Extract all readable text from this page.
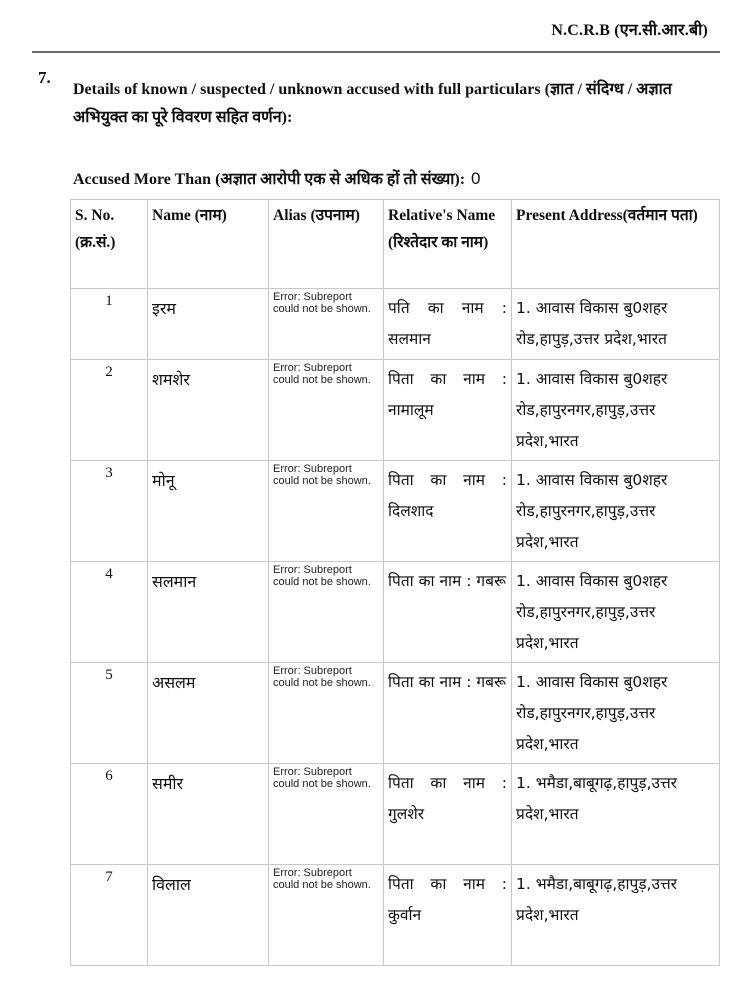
N.C.R.B (एन.सी.आर.बी)
7.
Details of known / suspected / unknown accused with full particulars (ज्ञात / संदिग्ध / अज्ञात अभियुक्त का पूरे विवरण सहित वर्णन):
Accused More Than (अज्ञात आरोपी एक से अधिक हों तो संख्या): 0
S. No. (क्र.सं.)	Name (नाम)	Alias (उपनाम)	Relative's Name (रिश्तेदार का नाम)	Present Address(वर्तमान पता)
1	इरम	Error: Subreport could not be shown.	पति का नाम : सलमान	1. आवास विकास बु0शहर रोड,हापुड़,उत्तर प्रदेश,भारत
2	शमशेर	Error: Subreport could not be shown.	पिता का नाम : नामालूम	1. आवास विकास बु0शहर रोड,हापुरनगर,हापुड़,उत्तर प्रदेश,भारत
3	मोनू	Error: Subreport could not be shown.	पिता का नाम : दिलशाद	1. आवास विकास बु0शहर रोड,हापुरनगर,हापुड़,उत्तर प्रदेश,भारत
4	सलमान	Error: Subreport could not be shown.	पिता का नाम : गबरू	1. आवास विकास बु0शहर रोड,हापुरनगर,हापुड़,उत्तर प्रदेश,भारत
5	असलम	Error: Subreport could not be shown.	पिता का नाम : गबरू	1. आवास विकास बु0शहर रोड,हापुरनगर,हापुड़,उत्तर प्रदेश,भारत
6	समीर	Error: Subreport could not be shown.	पिता का नाम : गुलशेर	1. भमैडा,बाबूगढ़,हापुड़,उत्तर प्रदेश,भारत
7	विलाल	Error: Subreport could not be shown.	पिता का नाम : कुर्वान	1. भमैडा,बाबूगढ़,हापुड़,उत्तर प्रदेश,भारत
